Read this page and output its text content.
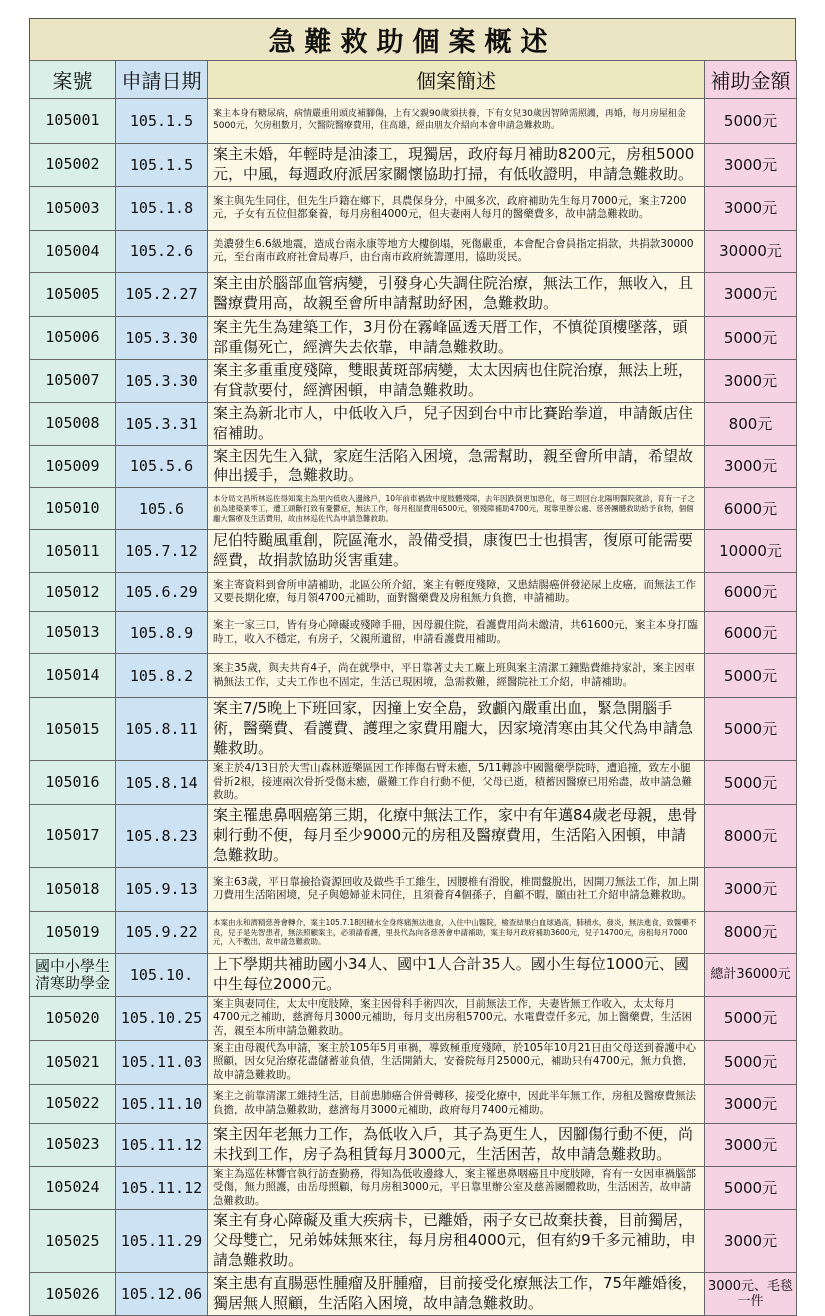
急難救助個案概述
案號	申請日期	個案簡述	補助金額
105001	105.1.5	案主本身有糖尿病，病情嚴重用頭皮補腳傷，上有父親90歲須扶養，下有女兒30歲因智障需照護，再婚，每月房屋租金5000元，欠房租數月，欠醫院醫療費用，住高雄，經由朋友介紹向本會申請急難救助。	5000元
105002	105.1.5	案主未婚，年輕時是油漆工，現獨居，政府每月補助8200元，房租5000元，中風，每週政府派居家關懷協助打掃，有低收證明，申請急難救助。	3000元
105003	105.1.8	案主與先生同住，但先生戶籍在鄉下，具農保身分，中風多次，政府補助先生每月7000元，案主7200元，子女有五位但都棄養，每月房租4000元，但夫妻兩人每月的醫藥費多，故申請急難救助。	3000元
105004	105.2.6	美濃發生6.6級地震，造成台南永康等地方大樓倒塌，死傷嚴重，本會配合會員指定捐款，共捐款30000元，至台南市政府社會局專戶，由台南市政府統籌運用，協助災民。	30000元
105005	105.2.27	案主由於腦部血管病變，引發身心失調住院治療，無法工作，無收入，且醫療費用高，故親至會所申請幫助紓困，急難救助。	3000元
105006	105.3.30	案主先生為建築工作，3月份在霧峰區透天厝工作，不慎從頂樓墜落，頭部重傷死亡，經濟失去依靠，申請急難救助。	5000元
105007	105.3.30	案主多重重度殘障，雙眼黃斑部病變，太太因病也住院治療，無法上班，有貸款要付，經濟困頓，申請急難救助。	3000元
105008	105.3.31	案主為新北市人，中低收入戶，兒子因到台中市比賽跆拳道，申請飯店住宿補助。	800元
105009	105.5.6	案主因先生入獄，家庭生活陷入困境，急需幫助，親至會所申請，希望故伸出援手，急難救助。	3000元
105010	105.6	本分局文昌所林巡佐得知案主為里內低收入邊緣戶，10年前車禍致中度肢體殘障，去年因跌倒更加惡化，每三周回台北陽明醫院就診，育有一子之前為建築業零工，遭工頭斷打致有憂鬱症，無法工作，每月租屋費用6500元，領殘障補助4700元，現靠里辦公處、慈善團體救助給予食物，個個龐大醫療及生活費用，故由林巡佐代為申請急難救助。	6000元
105011	105.7.12	尼伯特颱風重創，院區淹水，設備受損，康復巴士也損害，復原可能需要經費，故捐款協助災害重建。	10000元
105012	105.6.29	案主寄資料到會所申請補助，北區公所介紹，案主有輕度殘障，又患結腸癌併發泌尿上皮癌，而無法工作又要長期化療，每月領4700元補助，面對醫藥費及房租無力負擔，申請補助。	6000元
105013	105.8.9	案主一家三口，皆有身心障礙或殘障手冊，因母親住院，看護費用尚未繳清，共61600元，案主本身打臨時工，收入不穩定，有房子，父親所遺留，申請看護費用補助。	6000元
105014	105.8.2	案主35歲，與夫共育4子，尚在就學中，平日靠著丈夫工廠上班與案主清潔工鐘點費維持家計，案主因車禍無法工作，丈夫工作也不固定，生活已現困境，急需救難，經醫院社工介紹，申請補助。	5000元
105015	105.8.11	案主7/5晚上下班回家，因撞上安全島，致顱內嚴重出血，緊急開腦手術，醫藥費、看護費、護理之家費用龐大，因家境清寒由其父代為申請急難救助。	5000元
105016	105.8.14	案主於4/13日於大雪山森林遊樂區因工作摔傷右臂未癒，5/11轉診中國醫藥學院時，遭追撞，致左小腿骨折2根，接連兩次骨折受傷未癒，嚴難工作自行動不便，父母已逝，積蓄因醫療已用殆盡，故申請急難救助。	5000元
105017	105.8.23	案主罹患鼻咽癌第三期，化療中無法工作，家中有年邁84歲老母親，患骨刺行動不便，每月至少9000元的房租及醫療費用，生活陷入困頓，申請急難救助。	8000元
105018	105.9.13	案主63歲，平日靠撿拾資源回收及做些手工維生，因腰椎有滑脫，椎間盤脫出，因開刀無法工作，加上開刀費用生活陷困境，兒子與媳婦並未同住，且須養育4個孫子，自顧不暇，願由社工介紹申請急難救助。	3000元
105019	105.9.22	本案由永和濟精慈善會轉介，案主105.7.18因積水全身疼痛無法進食，入住中山醫院，檢查結果白血球過高，肺積水，發炎，無法進食，致醫藥不良，兒子是先智患者，無法照顧案主，必須請看護，里長代為向各慈善會申請補助，案主每月政府補助3600元，兒子14700元，房租每月7000元，入不敷出，故申請急難救助。	8000元
國中小學生清寒助學金	105.10.	上下學期共補助國小34人、國中1人合計35人。國小生每位1000元、國中生每位2000元。	總計36000元
105020	105.10.25	案主與妻同住，太太中度肢障，案主因骨科手術四次，目前無法工作，夫妻皆無工作收入，太太每月4700元之補助，慈濟每月3000元補助，每月支出房租5700元、水電費壹仟多元，加上醫藥費，生活困苦，親至本所申請急難救助。	5000元
105021	105.11.03	案主由母親代為申請，案主於105年5月車禍，導致極重度殘障，於105年10月21日由父母送到養護中心照顧，因女兒治療花盡儲蓄並負債，生活開銷大，安養院每月25000元，補助只有4700元，無力負擔，故申請急難救助。	5000元
105022	105.11.10	案主之前靠清潔工維持生活，目前患肺癌合併骨轉移，接受化療中，因此半年無工作，房租及醫療費無法負擔，故申請急難救助，慈濟每月3000元補助，政府每月7400元補助。	3000元
105023	105.11.12	案主因年老無力工作，為低收入戶，其子為更生人，因腳傷行動不便，尚未找到工作，房子為租賃每月3000元，生活困苦，故申請急難救助。	3000元
105024	105.11.12	案主為巡佐林響官執行訪查勤務，得知為低收邊緣人，案主罹患鼻咽癌且中度肢障，育有一女因車禍腦部受傷，無力照護，由岳母照顧，每月房租3000元，平日靠里辦公室及慈善團體救助，生活困苦，故申請急難救助。	5000元
105025	105.11.29	案主有身心障礙及重大疾病卡，已離婚，兩子女已故棄扶養，目前獨居，父母雙亡，兄弟姊妹無來往，每月房租4000元，但有約9千多元補助，申請急難救助。	3000元
105026	105.12.06	案主患有直腸惡性腫瘤及肝腫瘤，目前接受化療無法工作，75年離婚後，獨居無人照顧，生活陷入困境，故申請急難救助。	3000元、毛毯一件
